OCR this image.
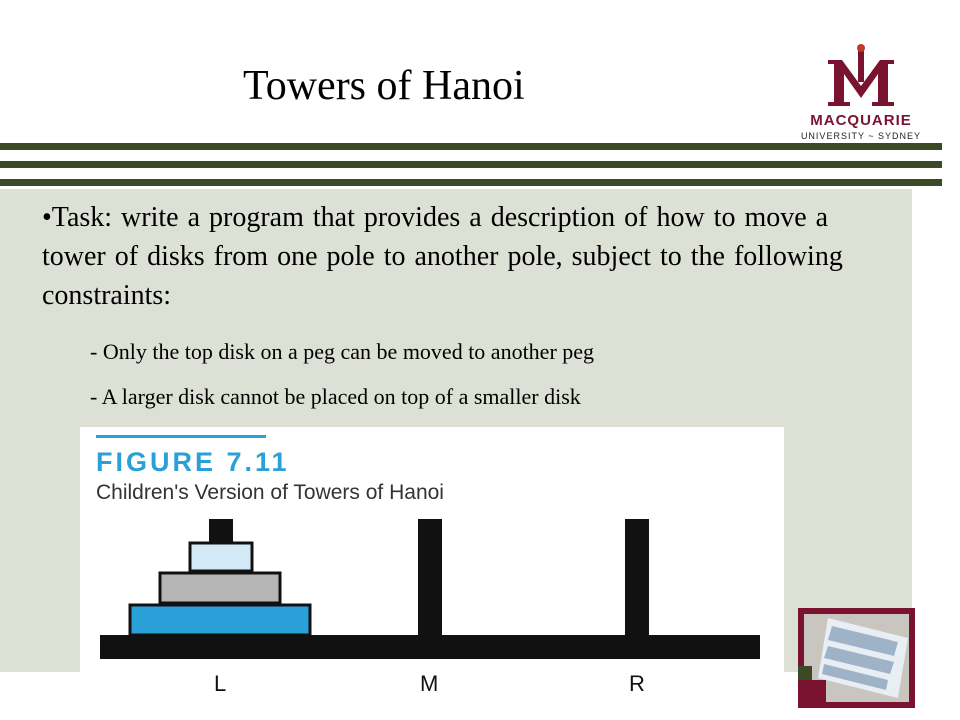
Towers of Hanoi
MACQUARIE
UNIVERSITY ~ SYDNEY
•Task: write a program that provides a description of how to move a tower of disks from one pole to another pole, subject to the following constraints:
- Only the top disk on a peg can be moved to another peg
- A larger disk cannot be placed on top of a smaller disk
L	M	R
FIGURE 7.11
Children's Version of Towers of Hanoi
